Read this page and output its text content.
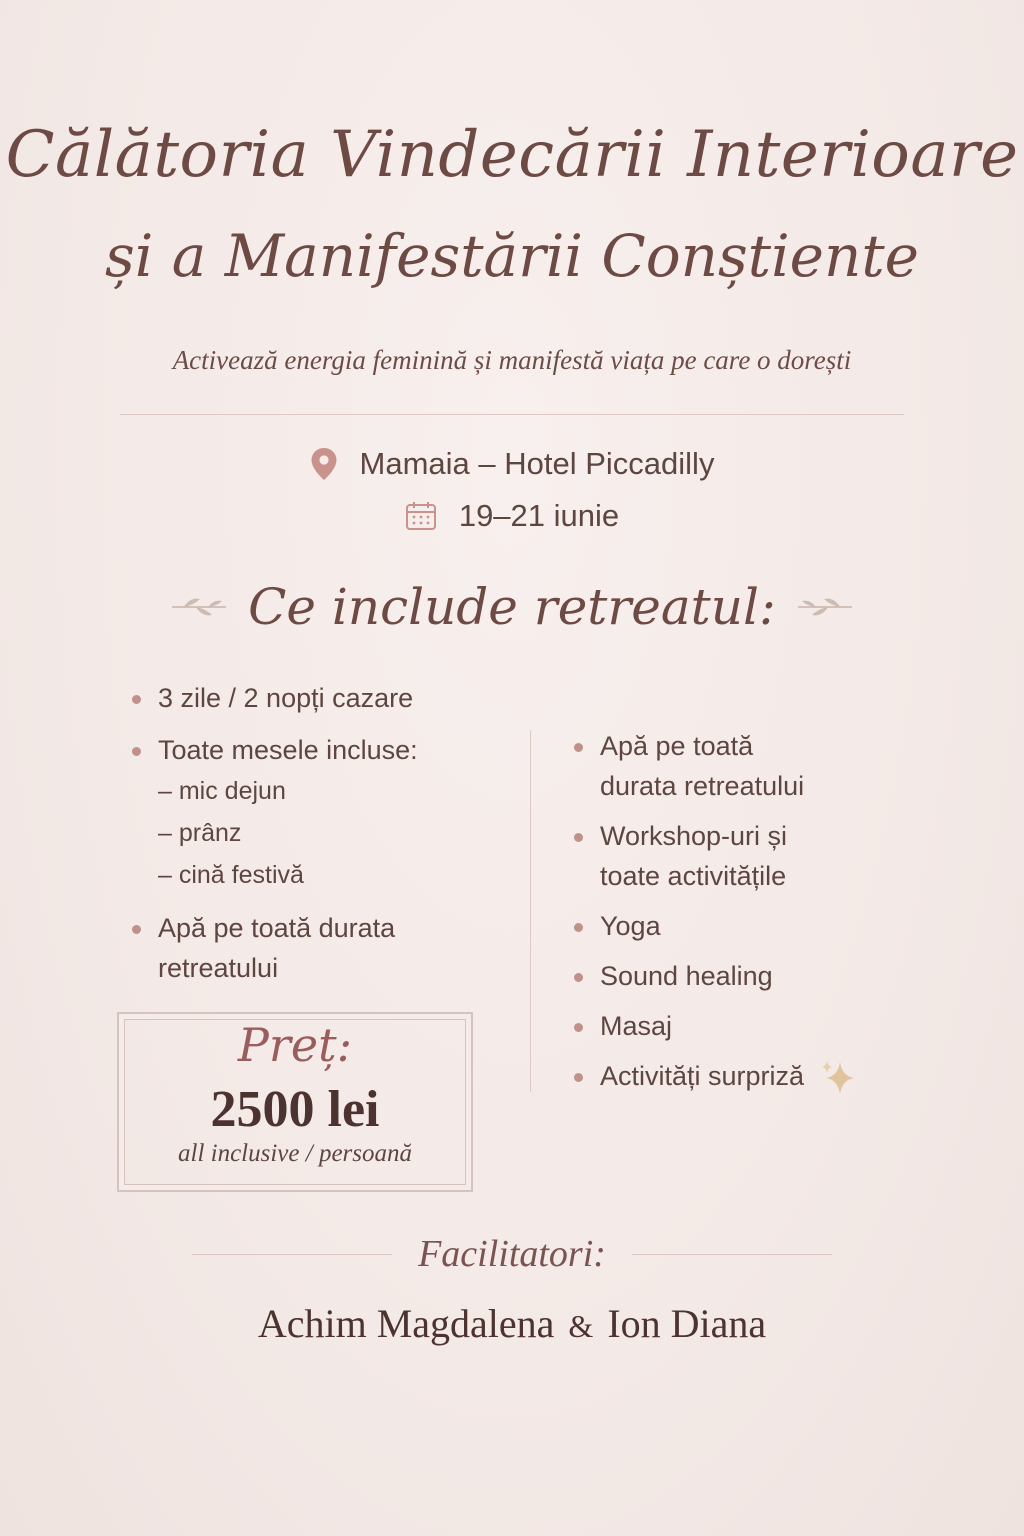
Călătoria Vindecării Interioare
și a Manifestării Conștiente
Activează energia feminină și manifestă viața pe care o dorești
Mamaia – Hotel Piccadilly
19–21 iunie
Ce include retreatul:
3 zile / 2 nopți cazare
Toate mesele incluse:
– mic dejun
– prânz
– cină festivă
Apă pe toată durata
retreatului
Apă pe toată
durata retreatului
Workshop-uri și
toate activitățile
Yoga
Sound healing
Masaj
Activități surpriză
Preț:
2500 lei
all inclusive / persoană
Facilitatori:
Achim Magdalena & Ion Diana
